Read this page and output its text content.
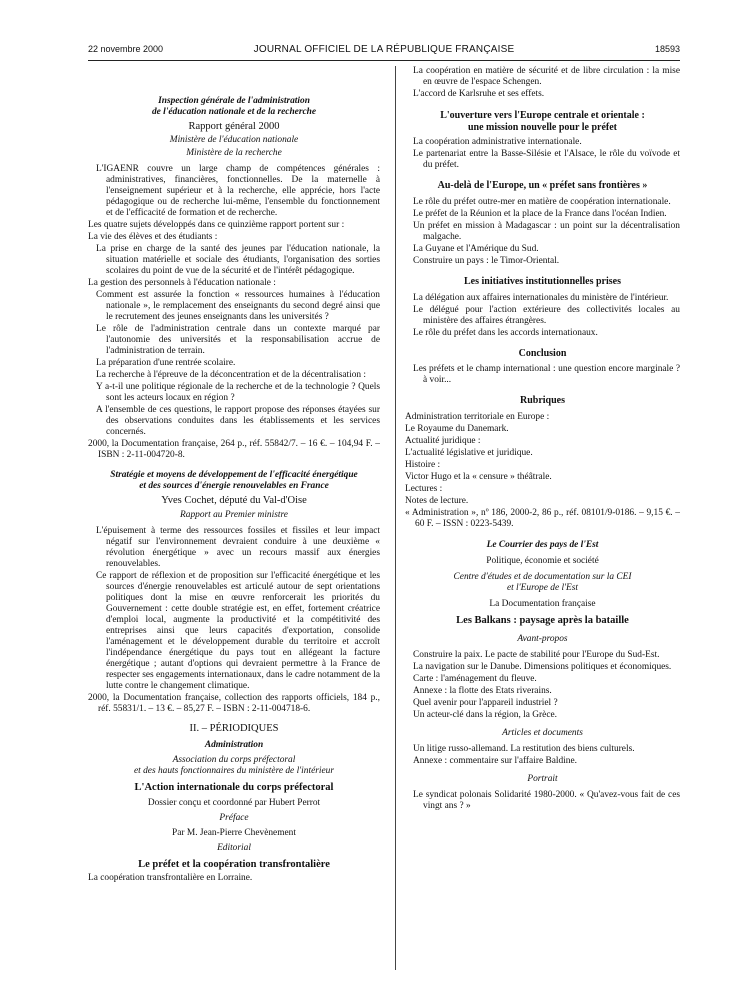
22 novembre 2000	JOURNAL OFFICIEL DE LA RÉPUBLIQUE FRANÇAISE	18593
Inspection générale de l'administration
de l'éducation nationale et de la recherche
Rapport général 2000
Ministère de l'éducation nationale
Ministère de la recherche
L'IGAENR couvre un large champ de compétences générales : administratives, financières, fonctionnelles. De la maternelle à l'enseignement supérieur et à la recherche, elle apprécie, hors l'acte pédagogique ou de recherche lui-même, l'ensemble du fonctionnement et de l'efficacité de formation et de recherche.
Les quatre sujets développés dans ce quinzième rapport portent sur :
La vie des élèves et des étudiants :
La prise en charge de la santé des jeunes par l'éducation nationale, la situation matérielle et sociale des étudiants, l'organisation des sorties scolaires du point de vue de la sécurité et de l'intérêt pédagogique.
La gestion des personnels à l'éducation nationale :
Comment est assurée la fonction « ressources humaines à l'éducation nationale », le remplacement des enseignants du second degré ainsi que le recrutement des jeunes enseignants dans les universités ?
Le rôle de l'administration centrale dans un contexte marqué par l'autonomie des universités et la responsabilisation accrue de l'administration de terrain.
La préparation d'une rentrée scolaire.
La recherche à l'épreuve de la déconcentration et de la décentralisation :
Y a-t-il une politique régionale de la recherche et de la technologie ? Quels sont les acteurs locaux en région ?
A l'ensemble de ces questions, le rapport propose des réponses étayées sur des observations conduites dans les établissements et les services concernés.
2000, la Documentation française, 264 p., réf. 55842/7. – 16 €. – 104,94 F. – ISBN : 2-11-004720-8.
Stratégie et moyens de développement de l'efficacité énergétique
et des sources d'énergie renouvelables en France
Yves Cochet, député du Val-d'Oise
Rapport au Premier ministre
L'épuisement à terme des ressources fossiles et fissiles et leur impact négatif sur l'environnement devraient conduire à une deuxième « révolution énergétique » avec un recours massif aux énergies renouvelables.
Ce rapport de réflexion et de proposition sur l'efficacité énergétique et les sources d'énergie renouvelables est articulé autour de sept orientations politiques dont la mise en œuvre renforcerait les priorités du Gouvernement : cette double stratégie est, en effet, fortement créatrice d'emploi local, augmente la productivité et la compétitivité des entreprises ainsi que leurs capacités d'exportation, consolide l'aménagement et le développement durable du territoire et accroît l'indépendance énergétique du pays tout en allégeant la facture énergétique ; autant d'options qui devraient permettre à la France de respecter ses engagements internationaux, dans le cadre notamment de la lutte contre le changement climatique.
2000, la Documentation française, collection des rapports officiels, 184 p., réf. 55831/1. – 13 €. – 85,27 F. – ISBN : 2-11-004718-6.
II. – PÉRIODIQUES
Administration
Association du corps préfectoral
et des hauts fonctionnaires du ministère de l'intérieur
L'Action internationale du corps préfectoral
Dossier conçu et coordonné par Hubert Perrot
Préface
Par M. Jean-Pierre Chevènement
Editorial
Le préfet et la coopération transfrontalière
La coopération transfrontalière en Lorraine.
La coopération en matière de sécurité et de libre circulation : la mise en œuvre de l'espace Schengen.
L'accord de Karlsruhe et ses effets.
L'ouverture vers l'Europe centrale et orientale :
une mission nouvelle pour le préfet
La coopération administrative internationale.
Le partenariat entre la Basse-Silésie et l'Alsace, le rôle du voïvode et du préfet.
Au-delà de l'Europe, un « préfet sans frontières »
Le rôle du préfet outre-mer en matière de coopération internationale.
Le préfet de la Réunion et la place de la France dans l'océan Indien.
Un préfet en mission à Madagascar : un point sur la décentralisation malgache.
La Guyane et l'Amérique du Sud.
Construire un pays : le Timor-Oriental.
Les initiatives institutionnelles prises
La délégation aux affaires internationales du ministère de l'intérieur.
Le délégué pour l'action extérieure des collectivités locales au ministère des affaires étrangères.
Le rôle du préfet dans les accords internationaux.
Conclusion
Les préfets et le champ international : une question encore marginale ? à voir...
Rubriques
Administration territoriale en Europe :
Le Royaume du Danemark.
Actualité juridique :
L'actualité législative et juridique.
Histoire :
Victor Hugo et la « censure » théâtrale.
Lectures :
Notes de lecture.
« Administration », nº 186, 2000-2, 86 p., réf. 08101/9-0186. – 9,15 €. – 60 F. – ISSN : 0223-5439.
Le Courrier des pays de l'Est
Politique, économie et société
Centre d'études et de documentation sur la CEI
et l'Europe de l'Est
La Documentation française
Les Balkans : paysage après la bataille
Avant-propos
Construire la paix. Le pacte de stabilité pour l'Europe du Sud-Est.
La navigation sur le Danube. Dimensions politiques et économiques.
Carte : l'aménagement du fleuve.
Annexe : la flotte des Etats riverains.
Quel avenir pour l'appareil industriel ?
Un acteur-clé dans la région, la Grèce.
Articles et documents
Un litige russo-allemand. La restitution des biens culturels.
Annexe : commentaire sur l'affaire Baldine.
Portrait
Le syndicat polonais Solidarité 1980-2000. « Qu'avez-vous fait de ces vingt ans ? »
